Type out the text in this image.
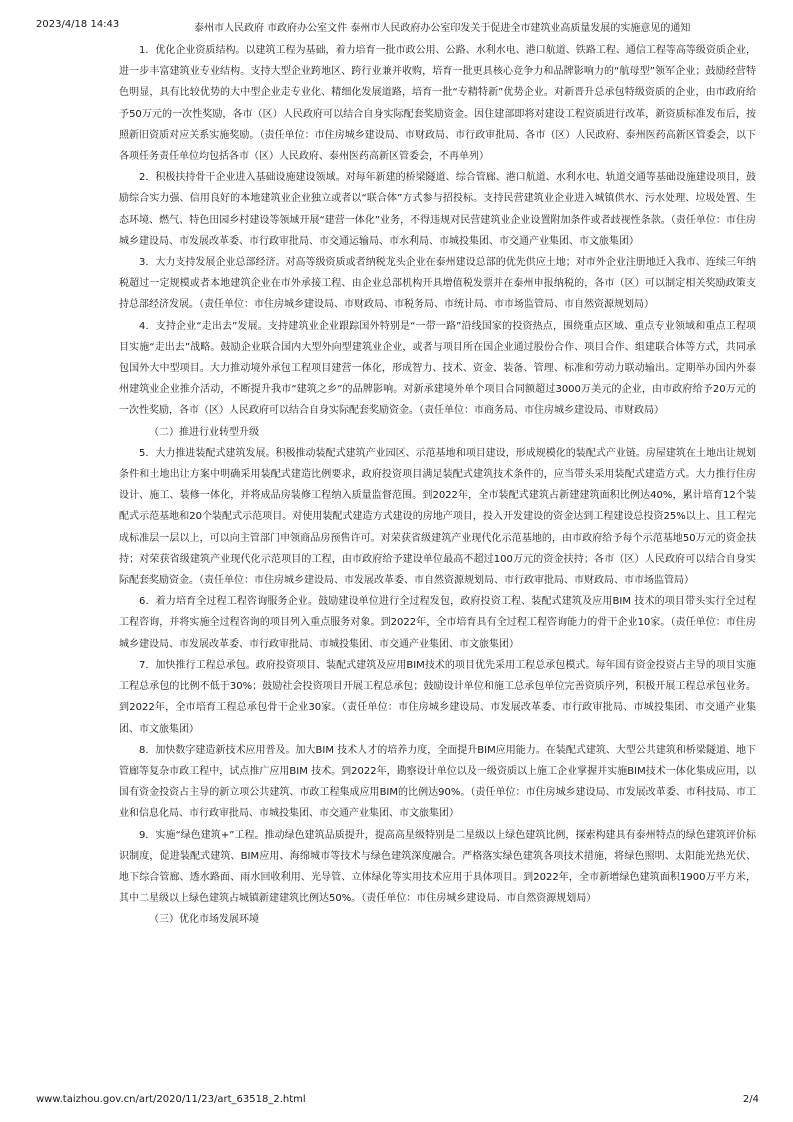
2023/4/18 14:43	泰州市人民政府 市政府办公室文件 泰州市人民政府办公室印发关于促进全市建筑业高质量发展的实施意见的通知

1．优化企业资质结构。以建筑工程为基础，着力培育一批市政公用、公路、水利水电、港口航道、铁路工程、通信工程等高等级资质企业，进一步丰富建筑业专业结构。支持大型企业跨地区、跨行业兼并收购，培育一批更具核心竞争力和品牌影响力的“航母型”领军企业；鼓励经营特色明显，具有比较优势的大中型企业走专业化、精细化发展道路，培育一批“专精特新”优势企业。对新晋升总承包特级资质的企业，由市政府给予50万元的一次性奖励，各市（区）人民政府可以结合自身实际配套奖励资金。因住建部即将对建设工程资质进行改革，新资质标准发布后，按照新旧资质对应关系实施奖励。（责任单位：市住房城乡建设局、市财政局、市行政审批局、各市（区）人民政府、泰州医药高新区管委会，以下各项任务责任单位均包括各市（区）人民政府、泰州医药高新区管委会，不再单列）

2．积极扶持骨干企业进入基础设施建设领域。对每年新建的桥梁隧道、综合管廊、港口航道、水利水电、轨道交通等基础设施建设项目，鼓励综合实力强、信用良好的本地建筑业企业独立或者以“联合体”方式参与招投标。支持民营建筑业企业进入城镇供水、污水处理、垃圾处置、生态环境、燃气、特色田园乡村建设等领域开展“建营一体化”业务，不得违规对民营建筑业企业设置附加条件或者歧视性条款。（责任单位：市住房城乡建设局、市发展改革委、市行政审批局、市交通运输局、市水利局、市城投集团、市交通产业集团、市文旅集团）

3．大力支持发展企业总部经济。对高等级资质或者纳税龙头企业在泰州建设总部的优先供应土地；对市外企业注册地迁入我市、连续三年纳税超过一定规模或者本地建筑企业在市外承接工程、由企业总部机构开具增值税发票并在泰州申报纳税的，各市（区）可以制定相关奖励政策支持总部经济发展。（责任单位：市住房城乡建设局、市财政局、市税务局、市统计局、市市场监管局、市自然资源规划局）

4．支持企业“走出去”发展。支持建筑业企业跟踪国外特别是“一带一路”沿线国家的投资热点，围绕重点区域、重点专业领域和重点工程项目实施“走出去”战略。鼓励企业联合国内大型外向型建筑业企业，或者与项目所在国企业通过股份合作、项目合作、组建联合体等方式，共同承包国外大中型项目。大力推动境外承包工程项目建营一体化，形成智力、技术、资金、装备、管理、标准和劳动力联动输出。定期举办国内外泰州建筑业企业推介活动，不断提升我市“建筑之乡”的品牌影响。对新承建境外单个项目合同额超过3000万美元的企业，由市政府给予20万元的一次性奖励，各市（区）人民政府可以结合自身实际配套奖励资金。（责任单位：市商务局、市住房城乡建设局、市财政局）

（二）推进行业转型升级

5．大力推进装配式建筑发展。积极推动装配式建筑产业园区、示范基地和项目建设，形成规模化的装配式产业链。房屋建筑在土地出让规划条件和土地出让方案中明确采用装配式建造比例要求，政府投资项目满足装配式建筑技术条件的，应当带头采用装配式建造方式。大力推行住房设计、施工、装修一体化，并将成品房装修工程纳入质量监督范围。到2022年，全市装配式建筑占新建建筑面积比例达40%，累计培育12个装配式示范基地和20个装配式示范项目。对使用装配式建造方式建设的房地产项目，投入开发建设的资金达到工程建设总投资25%以上、且工程完成标准层一层以上，可以向主管部门申领商品房预售许可。对荣获省级建筑产业现代化示范基地的，由市政府给予每个示范基地50万元的资金扶持；对荣获省级建筑产业现代化示范项目的工程，由市政府给予建设单位最高不超过100万元的资金扶持；各市（区）人民政府可以结合自身实际配套奖励资金。（责任单位：市住房城乡建设局、市发展改革委、市自然资源规划局、市行政审批局、市财政局、市市场监管局）

6．着力培育全过程工程咨询服务企业。鼓励建设单位进行全过程发包，政府投资工程、装配式建筑及应用BIM 技术的项目带头实行全过程工程咨询，并将实施全过程咨询的项目列入重点服务对象。到2022年，全市培育具有全过程工程咨询能力的骨干企业10家。（责任单位：市住房城乡建设局、市发展改革委、市行政审批局、市城投集团、市交通产业集团、市文旅集团）

7．加快推行工程总承包。政府投资项目、装配式建筑及应用BIM技术的项目优先采用工程总承包模式。每年国有资金投资占主导的项目实施工程总承包的比例不低于30%；鼓励社会投资项目开展工程总承包；鼓励设计单位和施工总承包单位完善资质序列，积极开展工程总承包业务。到2022年，全市培育工程总承包骨干企业30家。（责任单位：市住房城乡建设局、市发展改革委、市行政审批局、市城投集团、市交通产业集团、市文旅集团）

8．加快数字建造新技术应用普及。加大BIM 技术人才的培养力度，全面提升BIM应用能力。在装配式建筑、大型公共建筑和桥梁隧道、地下管廊等复杂市政工程中，试点推广应用BIM 技术。到2022年，勘察设计单位以及一级资质以上施工企业掌握并实施BIM技术一体化集成应用，以国有资金投资占主导的新立项公共建筑、市政工程集成应用BIM的比例达90%。（责任单位：市住房城乡建设局、市发展改革委、市科技局、市工业和信息化局、市行政审批局、市城投集团、市交通产业集团、市文旅集团）

9．实施“绿色建筑+”工程。推动绿色建筑品质提升，提高高星级特别是二星级以上绿色建筑比例，探索构建具有泰州特点的绿色建筑评价标识制度，促进装配式建筑、BIM应用、海绵城市等技术与绿色建筑深度融合。严格落实绿色建筑各项技术措施，将绿色照明、太阳能光热光伏、地下综合管廊、透水路面、雨水回收利用、光导管、立体绿化等实用技术应用于具体项目。到2022年，全市新增绿色建筑面积1900万平方米，其中二星级以上绿色建筑占城镇新建建筑比例达50%。（责任单位：市住房城乡建设局、市自然资源规划局）

（三）优化市场发展环境

www.taizhou.gov.cn/art/2020/11/23/art_63518_2.html	2/4
